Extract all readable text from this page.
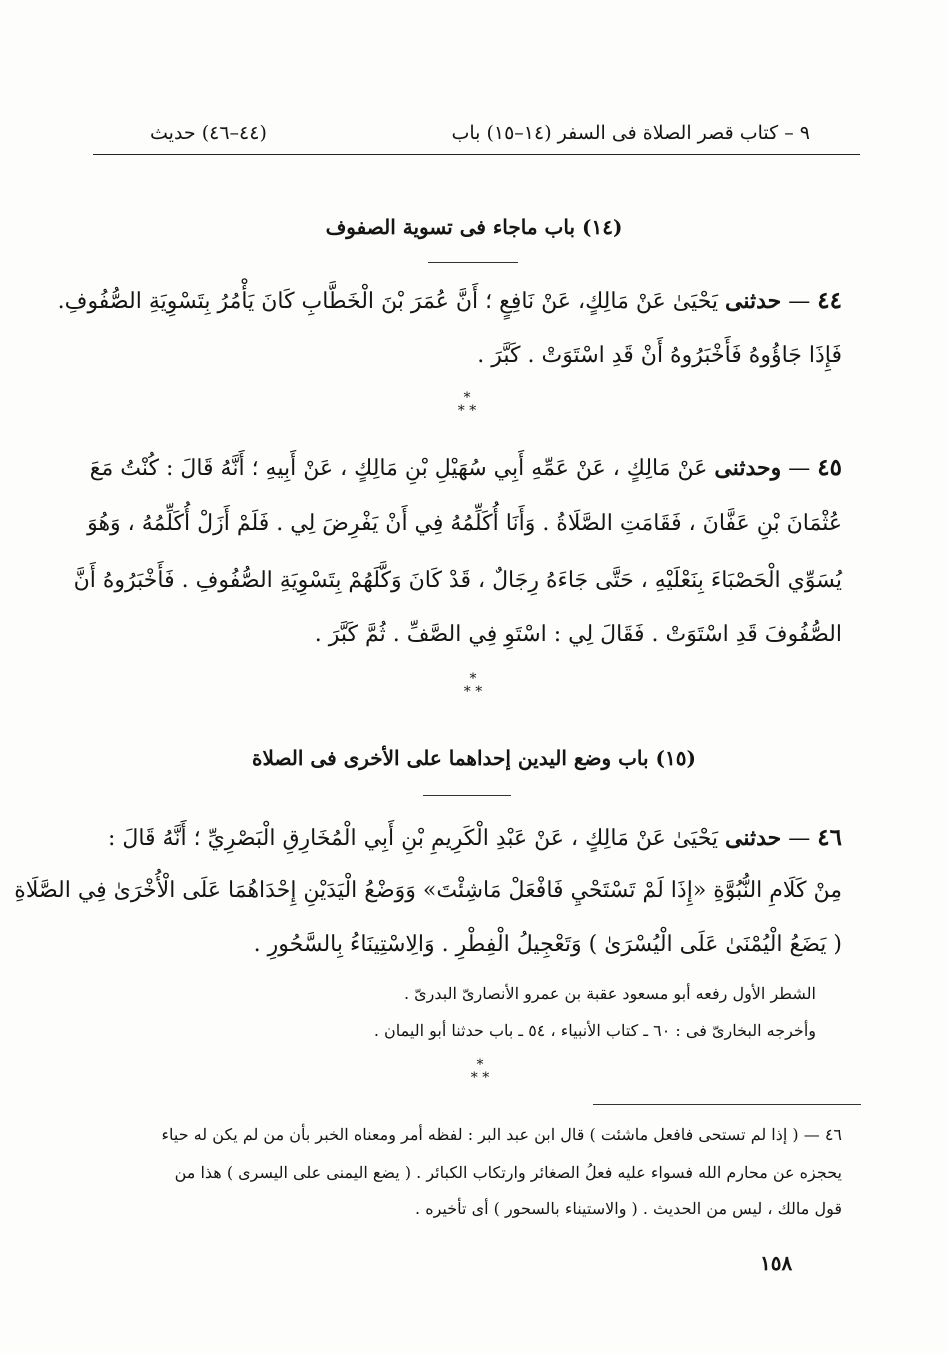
٩ – كتاب قصر الصلاة فى السفر (١٤–١٥) باب
(٤٤–٤٦) حديث
(١٤) باب ماجاء فى تسوية الصفوف
٤٤ — حدثنى يَحْيَىٰ عَنْ مَالِكٍ، عَنْ نَافِعٍ ؛ أَنَّ عُمَرَ بْنَ الْخَطَّابِ كَانَ يَأْمُرُ بِتَسْوِيَةِ الصُّفُوفِ.
فَإِذَا جَاؤُوهُ فَأَخْبَرُوهُ أَنْ قَدِ اسْتَوَتْ . كَبَّرَ .
*
* *
٤٥ — وحدثنى عَنْ مَالِكٍ ، عَنْ عَمِّهِ أَبِي سُهَيْلِ بْنِ مَالِكٍ ، عَنْ أَبِيهِ ؛ أَنَّهُ قَالَ : كُنْتُ مَعَ
عُثْمَانَ بْنِ عَفَّانَ ، فَقَامَتِ الصَّلَاةُ . وَأَنَا أُكَلِّمُهُ فِي أَنْ يَفْرِضَ لِي . فَلَمْ أَزَلْ أُكَلِّمُهُ ، وَهُوَ
يُسَوِّي الْحَصْبَاءَ بِنَعْلَيْهِ ، حَتَّى جَاءَهُ رِجَالٌ ، قَدْ كَانَ وَكَّلَهُمْ بِتَسْوِيَةِ الصُّفُوفِ . فَأَخْبَرُوهُ أَنَّ
الصُّفُوفَ قَدِ اسْتَوَتْ . فَقَالَ لِي : اسْتَوِ فِي الصَّفِّ . ثُمَّ كَبَّرَ .
*
* *
(١٥) باب وضع اليدين إحداهما على الأخرى فى الصلاة
٤٦ — حدثنى يَحْيَىٰ عَنْ مَالِكٍ ، عَنْ عَبْدِ الْكَرِيمِ بْنِ أَبِي الْمُخَارِقِ الْبَصْرِيِّ ؛ أَنَّهُ قَالَ :
مِنْ كَلَامِ النُّبُوَّةِ «إِذَا لَمْ تَسْتَحْيِ فَافْعَلْ مَاشِئْتَ» وَوَضْعُ الْيَدَيْنِ إِحْدَاهُمَا عَلَى الْأُخْرَىٰ فِي الصَّلَاةِ
( يَضَعُ الْيُمْنَىٰ عَلَى الْيُسْرَىٰ ) وَتَعْجِيلُ الْفِطْرِ . وَالِاسْتِينَاءُ بِالسَّحُورِ .
الشطر الأول رفعه أبو مسعود عقبة بن عمرو الأنصارىّ البدرىّ .
وأخرجه البخارىّ فى : ٦٠ ـ كتاب الأنبياء ، ٥٤ ـ باب حدثنا أبو اليمان .
*
* *
٤٦ — ( إذا لم تستحى فافعل ماشئت ) قال ابن عبد البر : لفظه أمر ومعناه الخبر بأن من لم يكن له حياء
يحجزه عن محارم الله فسواء عليه فعلُ الصغائر وارتكاب الكبائر . ( يضع اليمنى على اليسرى ) هذا من
قول مالك ، ليس من الحديث . ( والاستيناء بالسحور ) أى تأخيره .
١٥٨
